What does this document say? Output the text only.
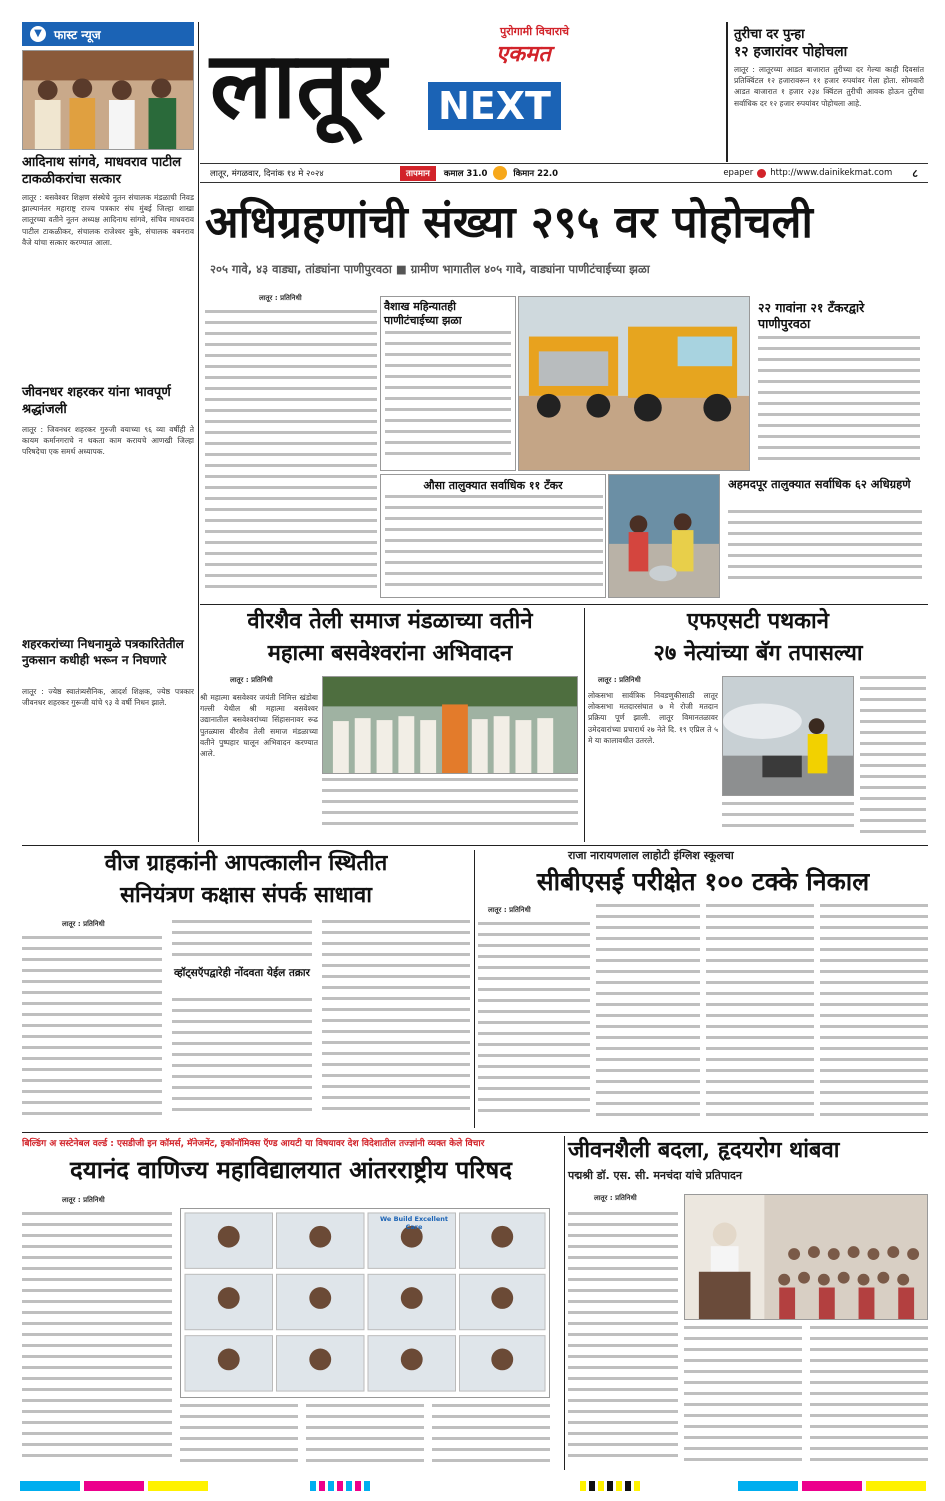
▼	फास्ट न्यूज
आदिनाथ सांगवे, माधवराव पाटील टाकळीकरांचा सत्कार
लातूर : बसवेश्वर शिक्षण संस्थेचे नूतन संचालक मंडळाची निवड झाल्यानंतर महाराष्ट्र राज्य पत्रकार संघ मुंबई जिल्हा शाखा लातूरच्या वतीने नूतन अध्यक्ष आदिनाथ सांगवे, संचिव माधवराव पाटील टाकळीकर, संचालक राजेश्वर बुके, संचालक बबनराव वैजे यांचा सत्कार करण्यात आला.
जीवनधर शहरकर यांना भावपूर्ण श्रद्धांजली
लातूर : जिवनधर शहरकर गुरुजी वयाच्या ९६ व्या वर्षीही ते कायम कर्मानगराचे न थकता काम करायचे आणखी जिल्हा परिषदेचा एक समर्थ अध्यापक.
शहरकरांच्या निधनामुळे पत्रकारितेतील नुकसान कधीही भरून न निघणारे
लातूर : ज्येष्ठ स्वातंत्र्यसैनिक, आदर्श शिक्षक, ज्येष्ठ पत्रकार जीवनधर शहरकर गुरूजी यांचे ९३ वे वर्षी निधन झाले.
लातूर NEXT
पुरोगामी विचाराचे
एकमत
तुरीचा दर पुन्हा
१२ हजारांवर पोहोचला
लातूर : लातूरच्या आडत बाजारात तुरीच्या दर गेल्या काही दिवसांत प्रतिक्विंटल १२ हजारावरून ११ हजार रुपयांवर गेला होता. सोमवारी आडत बाजारात १ हजार २३४ क्विंटल तुरीची आवक होऊन तुरीचा सर्वाधिक दर १२ हजार रुपयांवर पोहोचला आहे.
लातूर, मंगळवार, दिनांक १४ मे २०२४	तापमान	कमाल 31.0	किमान 22.0	epaper http://www.dainikekmat.com ८
अधिग्रहणांची संख्या २९५ वर पोहोचली
२०५ गावे, ४३ वाड्या, तांड्यांना पाणीपुरवठा ■ ग्रामीण भागातील ४०५ गावे, वाड्यांना पाणीटंचाईच्या झळा
लातूर : प्रतिनिधी
वैशाख महिन्यातही पाणीटंचाईच्या झळा
२२ गावांना २१ टँकरद्वारे पाणीपुरवठा
औसा तालुक्यात सर्वाधिक ११ टँकर	अहमदपूर तालुक्यात सर्वाधिक ६२ अधिग्रहणे
वीरशैव तेली समाज मंडळाच्या वतीने
महात्मा बसवेश्वरांना अभिवादन
लातूर : प्रतिनिधी
श्री महात्मा बसवेश्वर जयंती निमित्त खंडोबा गल्ली येथील श्री महात्मा बसवेश्वर उद्यानातील बसवेश्वरांच्या सिंहासनावर रूढ पुतळ्यास वीरशैव तेली समाज मंडळाच्या वतीने पुष्पहार घालून अभिवादन करण्यात आले.
एफएसटी पथकाने
२७ नेत्यांच्या बॅग तपासल्या
लातूर : प्रतिनिधी
लोकसभा सार्वत्रिक निवडणुकीसाठी लातूर लोकसभा मतदारसंघात ७ मे रोजी मतदान प्रक्रिया पूर्ण झाली. लातूर विमानतळावर उमेदवारांच्या प्रचारार्थ २७ नेते दि. १९ एप्रिल ते ५ मे या कालावधीत उतरले.
वीज ग्राहकांनी आपत्कालीन स्थितीत
सनियंत्रण कक्षास संपर्क साधावा
लातूर : प्रतिनिधी
व्हॉट्सऍपद्वारेही नोंदवता येईल तक्रार
राजा नारायणलाल लाहोटी इंग्लिश स्कूलचा
सीबीएसई परीक्षेत १०० टक्के निकाल
लातूर : प्रतिनिधी
बिल्डिंग अ सस्टेनेबल वर्ल्ड : एसडीजी इन कॉमर्स, मॅनेजमेंट, इकॉनॉमिक्स ऍण्ड आयटी या विषयावर देश विदेशातील तज्ज्ञांनी व्यक्त केले विचार
दयानंद वाणिज्य महाविद्यालयात आंतरराष्ट्रीय परिषद
लातूर : प्रतिनिधी
We Build Excellent Care
जीवनशैली बदला, हृदयरोग थांबवा
पद्मश्री डॉ. एस. सी. मनचंदा यांचे प्रतिपादन
लातूर : प्रतिनिधी
